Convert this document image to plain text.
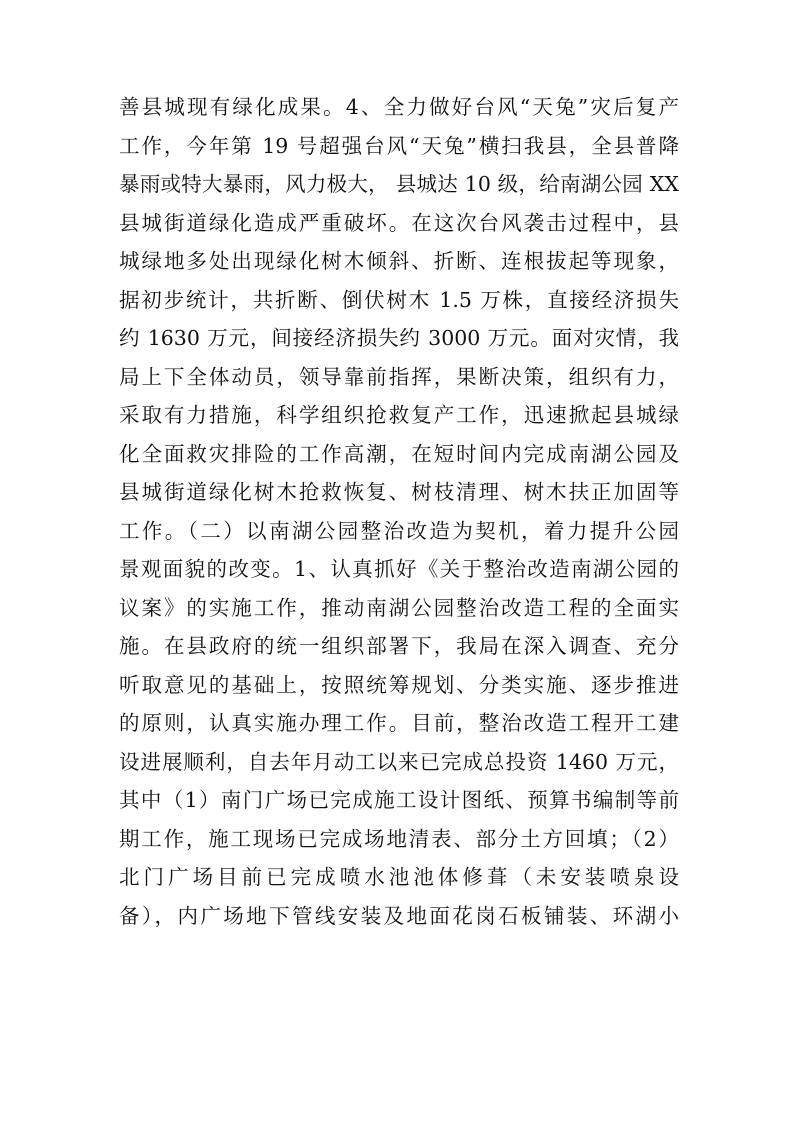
善县城现有绿化成果。4、全力做好台风“天兔”灾后复产
工作，今年第 19 号超强台风“天兔”横扫我县，全县普降
暴雨或特大暴雨，风力极大， 县城达 10 级，给南湖公园 XX
县城街道绿化造成严重破坏。在这次台风袭击过程中，县
城绿地多处出现绿化树木倾斜、折断、连根拔起等现象，
据初步统计，共折断、倒伏树木 1.5 万株，直接经济损失
约 1630 万元，间接经济损失约 3000 万元。面对灾情，我
局上下全体动员，领导靠前指挥，果断决策，组织有力，
采取有力措施，科学组织抢救复产工作，迅速掀起县城绿
化全面救灾排险的工作高潮，在短时间内完成南湖公园及
县城街道绿化树木抢救恢复、树枝清理、树木扶正加固等
工作。（二）以南湖公园整治改造为契机，着力提升公园
景观面貌的改变。1、认真抓好《关于整治改造南湖公园的
议案》的实施工作，推动南湖公园整治改造工程的全面实
施。在县政府的统一组织部署下，我局在深入调查、充分
听取意见的基础上，按照统筹规划、分类实施、逐步推进
的原则，认真实施办理工作。目前，整治改造工程开工建
设进展顺利，自去年月动工以来已完成总投资 1460 万元，
其中（1）南门广场已完成施工设计图纸、预算书编制等前
期工作，施工现场已完成场地清表、部分土方回填；（2）
北门广场目前已完成喷水池池体修葺（未安装喷泉设
备），内广场地下管线安装及地面花岗石板铺装、环湖小
